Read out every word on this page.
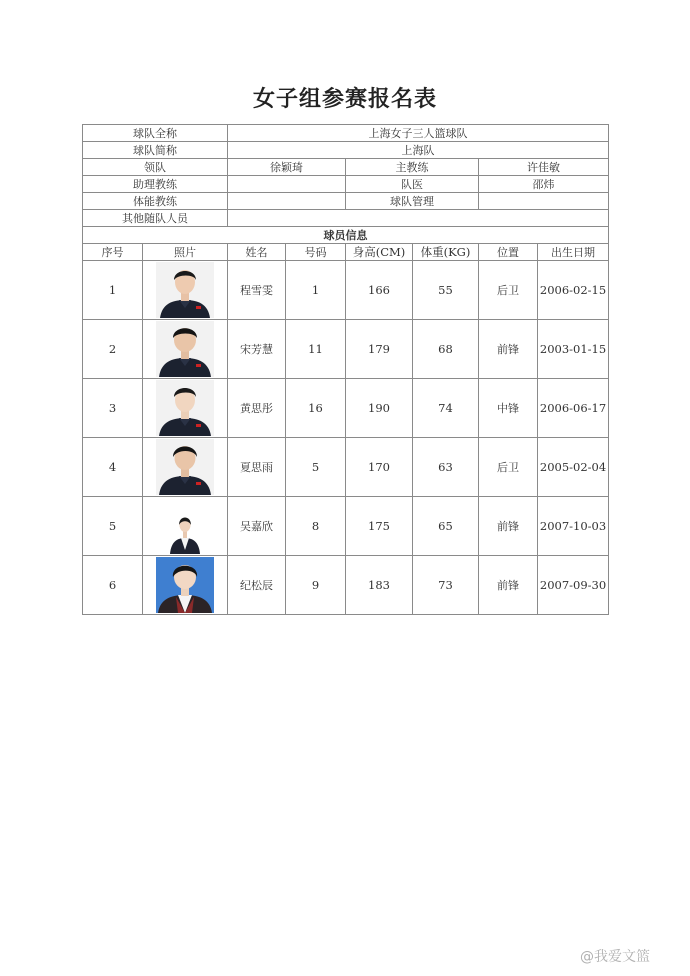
女子组参赛报名表
球队全称		上海女子三人篮球队					
球队简称		上海队					
领队		徐颖琦		主教练		许佳敏	
助理教练				队医		邵炜	
体能教练				球队管理			
其他随队人员							
球员信息							
序号	照片	姓名	号码	身高(CM)	体重(KG)	位置	出生日期
1		程雪雯	1	166	55	后卫	2006-02-15
2		宋芳慧	11	179	68	前锋	2003-01-15
3		黄思彤	16	190	74	中锋	2006-06-17
4		夏思雨	5	170	63	后卫	2005-02-04
5		吴嘉欣	8	175	65	前锋	2007-10-03
6		纪松辰	9	183	73	前锋	2007-09-30
@我爱文篮
